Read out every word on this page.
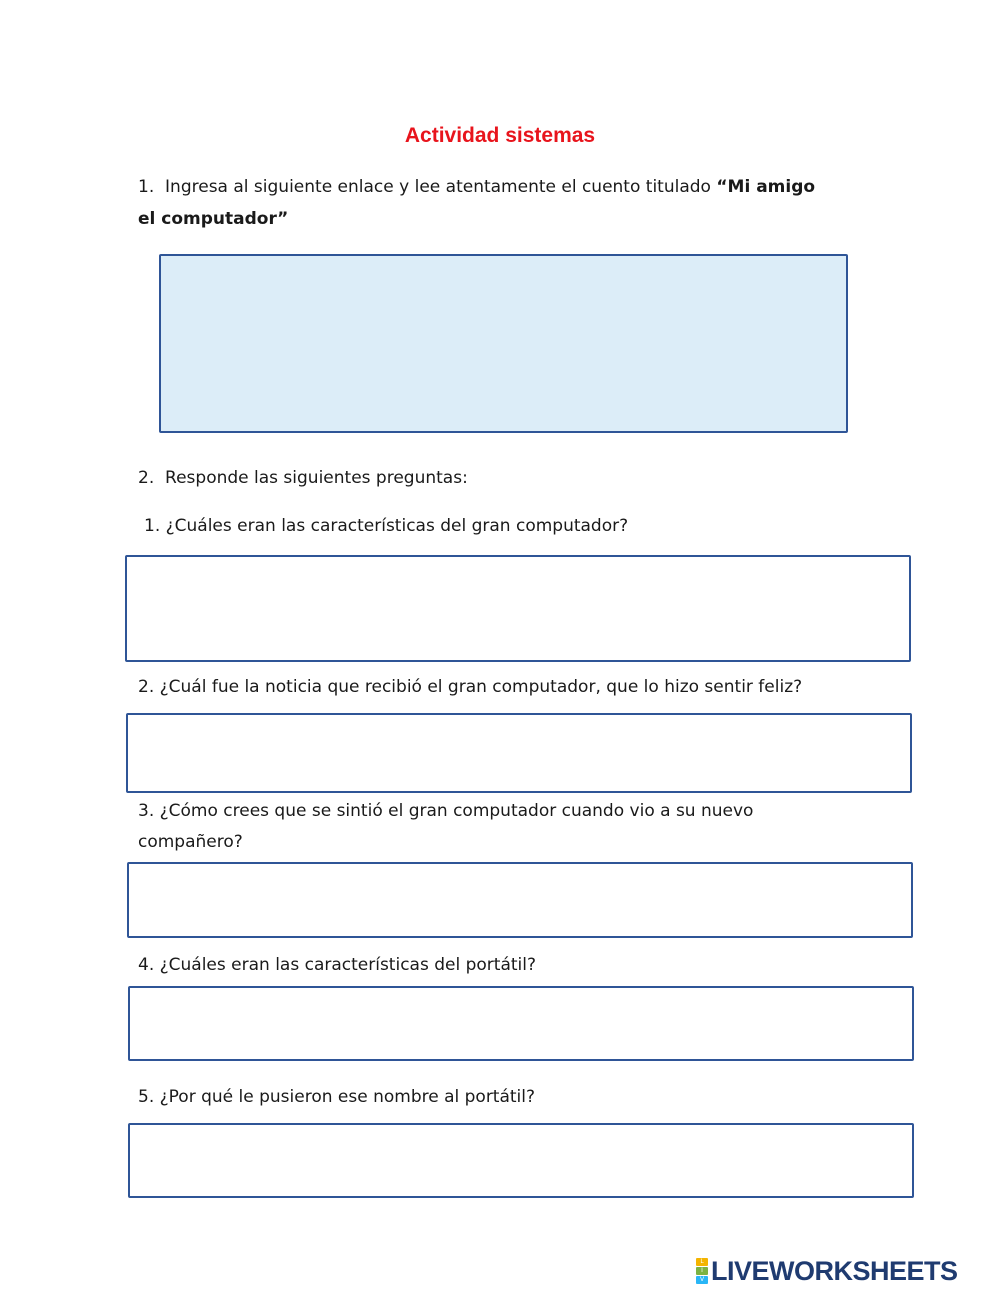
Actividad sistemas
1. Ingresa al siguiente enlace y lee atentamente el cuento titulado “Mi amigo
el computador”
2. Responde las siguientes preguntas:
1. ¿Cuáles eran las características del gran computador?
2. ¿Cuál fue la noticia que recibió el gran computador, que lo hizo sentir feliz?
3. ¿Cómo crees que se sintió el gran computador cuando vio a su nuevo
compañero?
4. ¿Cuáles eran las características del portátil?
5. ¿Por qué le pusieron ese nombre al portátil?
L
I
V LIVEWORKSHEETS
